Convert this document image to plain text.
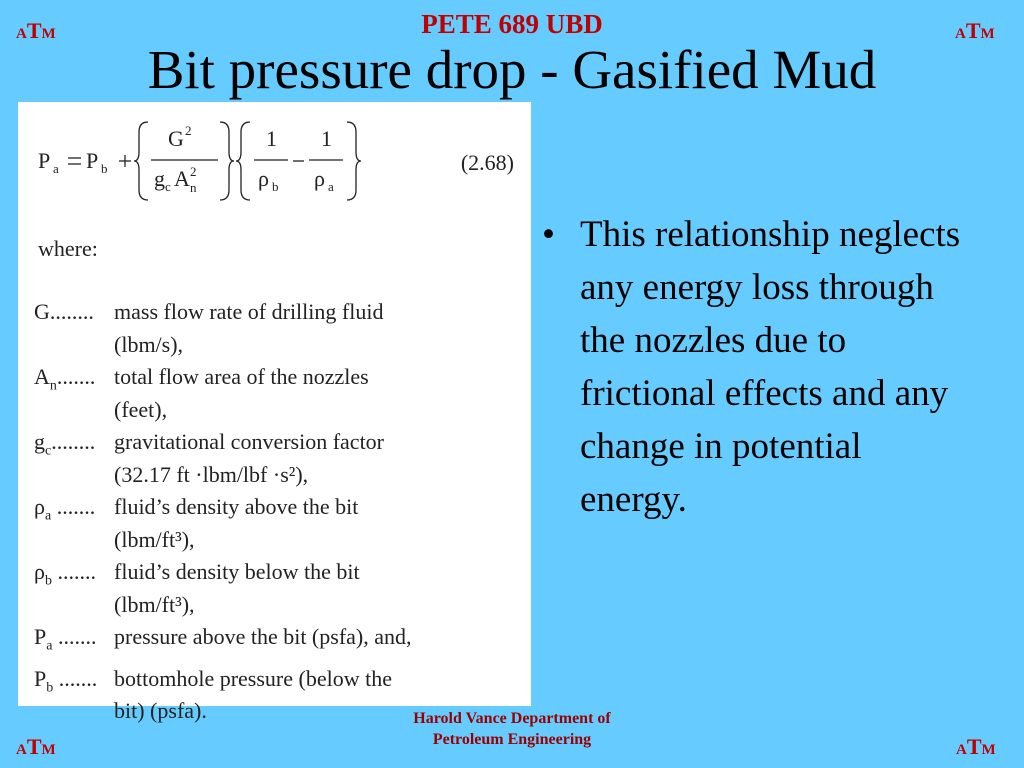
ATM	ATM
ATM	ATM
PETE 689 UBD
Bit pressure drop - Gasified Mud
P a P b
G 2
g c A 2
n
1
ρ b
1
ρ a
(2.68)
where:
G........ mass flow rate of drilling fluid
(lbm/s),
$A_n$....... total flow area of the nozzles
(feet),
$g_c$........ gravitational conversion factor
(32.17 ft ·lbm/lbf ·s²),
$\rho_a$ ....... fluid’s density above the bit
(lbm/ft³),
$\rho_b$ ....... fluid’s density below the bit
(lbm/ft³),
$P_a$ ....... pressure above the bit (psfa), and,
$P_b$ ....... bottomhole pressure (below the
bit) (psfa).
• This relationship neglects any energy loss through the nozzles due to frictional effects and any change in potential energy.
Harold Vance Department of
Petroleum Engineering
